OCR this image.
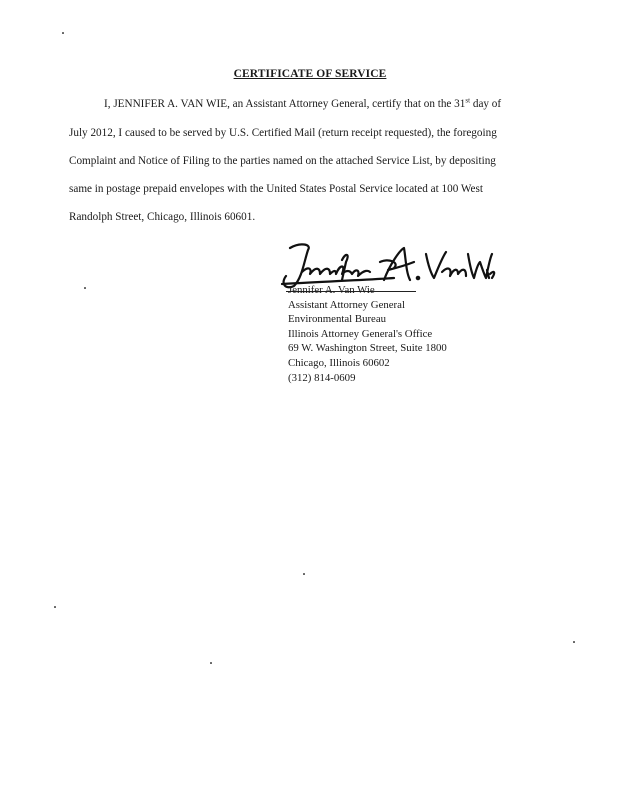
CERTIFICATE OF SERVICE
I, JENNIFER A. VAN WIE, an Assistant Attorney General, certify that on the 31st day of
July 2012, I caused to be served by U.S. Certified Mail (return receipt requested), the foregoing
Complaint and Notice of Filing to the parties named on the attached Service List, by depositing
same in postage prepaid envelopes with the United States Postal Service located at 100 West
Randolph Street, Chicago, Illinois 60601.
Jennifer A. Van Wie
Assistant Attorney General
Environmental Bureau
Illinois Attorney General's Office
69 W. Washington Street, Suite 1800
Chicago, Illinois 60602
(312) 814-0609
